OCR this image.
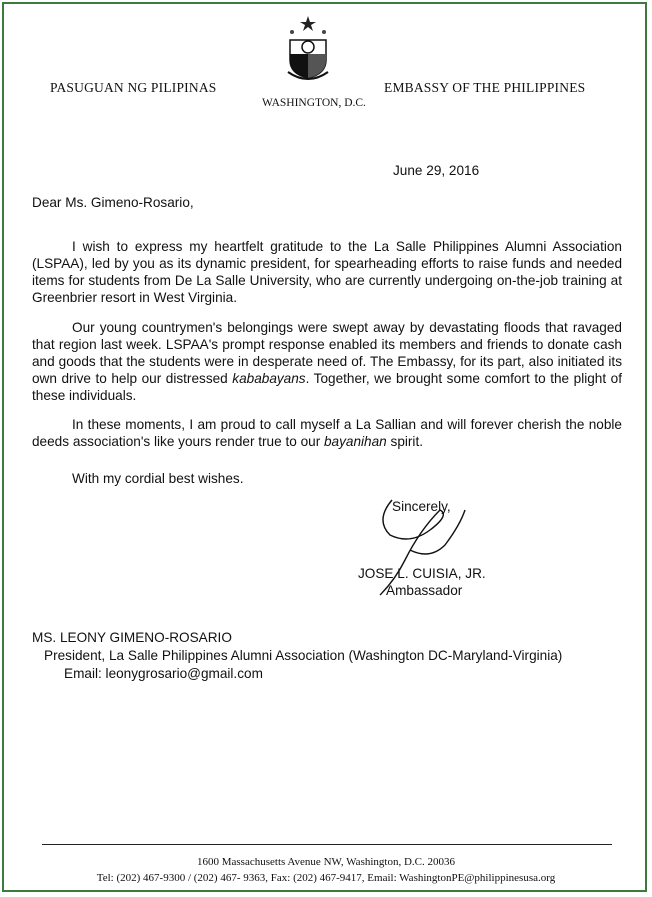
PASUGUAN NG PILIPINAS	EMBASSY OF THE PHILIPPINES
WASHINGTON, D.C.
June 29, 2016
Dear Ms. Gimeno-Rosario,

I wish to express my heartfelt gratitude to the La Salle Philippines Alumni Association (LSPAA), led by you as its dynamic president, for spearheading efforts to raise funds and needed items for students from De La Salle University, who are currently undergoing on-the-job training at Greenbrier resort in West Virginia.

Our young countrymen's belongings were swept away by devastating floods that ravaged that region last week. LSPAA's prompt response enabled its members and friends to donate cash and goods that the students were in desperate need of. The Embassy, for its part, also initiated its own drive to help our distressed kababayans. Together, we brought some comfort to the plight of these individuals.

In these moments, I am proud to call myself a La Sallian and will forever cherish the noble deeds association's like yours render true to our bayanihan spirit.

With my cordial best wishes.
Sincerely,
JOSE L. CUISIA, JR.
Ambassador
MS. LEONY GIMENO-ROSARIO
President, La Salle Philippines Alumni Association (Washington DC-Maryland-Virginia)
Email: leonygrosario@gmail.com
1600 Massachusetts Avenue NW, Washington, D.C. 20036
Tel: (202) 467-9300 / (202) 467- 9363, Fax: (202) 467-9417, Email: WashingtonPE@philippinesusa.org
